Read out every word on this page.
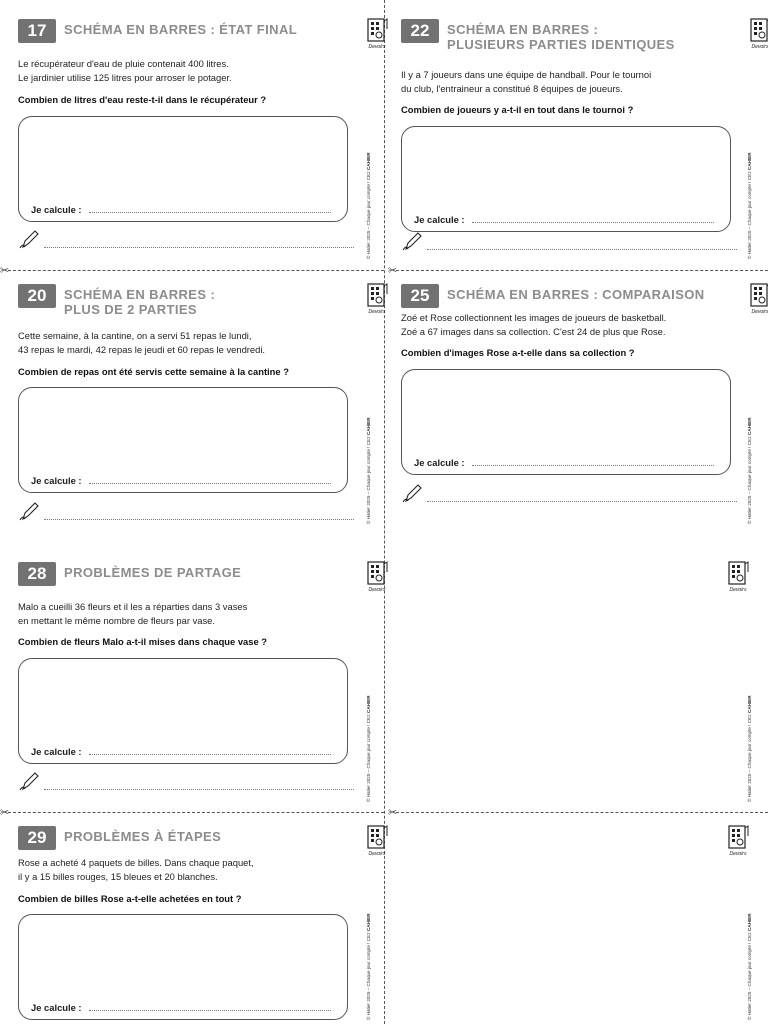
✂	✂
✂	✂
17	SCHÉMA EN BARRES : ÉTAT FINAL
Devoirs
Le récupérateur d'eau de pluie contenait 400 litres.
Le jardinier utilise 125 litres pour arroser le potager.
Combien de litres d'eau reste-t-il dans le récupérateur ?
Je calcule :	© Hatier 2025 – Chaque jour compte ! CE2 CAHIER
22	SCHÉMA EN BARRES :
PLUSIEURS PARTIES IDENTIQUES	Devoirs
Il y a 7 joueurs dans une équipe de handball. Pour le tournoi
du club, l'entraineur a constitué 8 équipes de joueurs.
Combien de joueurs y a-t-il en tout dans le tournoi ?
Je calcule :	© Hatier 2025 – Chaque jour compte ! CE2 CAHIER
20	SCHÉMA EN BARRES :
PLUS DE 2 PARTIES	Devoirs
Cette semaine, à la cantine, on a servi 51 repas le lundi,
43 repas le mardi, 42 repas le jeudi et 60 repas le vendredi.
Combien de repas ont été servis cette semaine à la cantine ?
Je calcule :	© Hatier 2025 – Chaque jour compte ! CE2 CAHIER
25	SCHÉMA EN BARRES : COMPARAISON
Devoirs
Zoé et Rose collectionnent les images de joueurs de basketball.
Zoé a 67 images dans sa collection. C'est 24 de plus que Rose.
Combien d'images Rose a-t-elle dans sa collection ?
Je calcule :	© Hatier 2025 – Chaque jour compte ! CE2 CAHIER
28	PROBLÈMES DE PARTAGE
Devoirs
Malo a cueilli 36 fleurs et il les a réparties dans 3 vases
en mettant le même nombre de fleurs par vase.
Combien de fleurs Malo a-t-il mises dans chaque vase ?
Je calcule :	© Hatier 2025 – Chaque jour compte ! CE2 CAHIER
29	PROBLÈMES À ÉTAPES
Devoirs
Rose a acheté 4 paquets de billes. Dans chaque paquet,
il y a 15 billes rouges, 15 bleues et 20 blanches.
Combien de billes Rose a-t-elle achetées en tout ?
Je calcule :	© Hatier 2025 – Chaque jour compte ! CE2 CAHIER
Devoirs
© Hatier 2025 – Chaque jour compte ! CE2 CAHIER
Devoirs
© Hatier 2025 – Chaque jour compte ! CE2 CAHIER
